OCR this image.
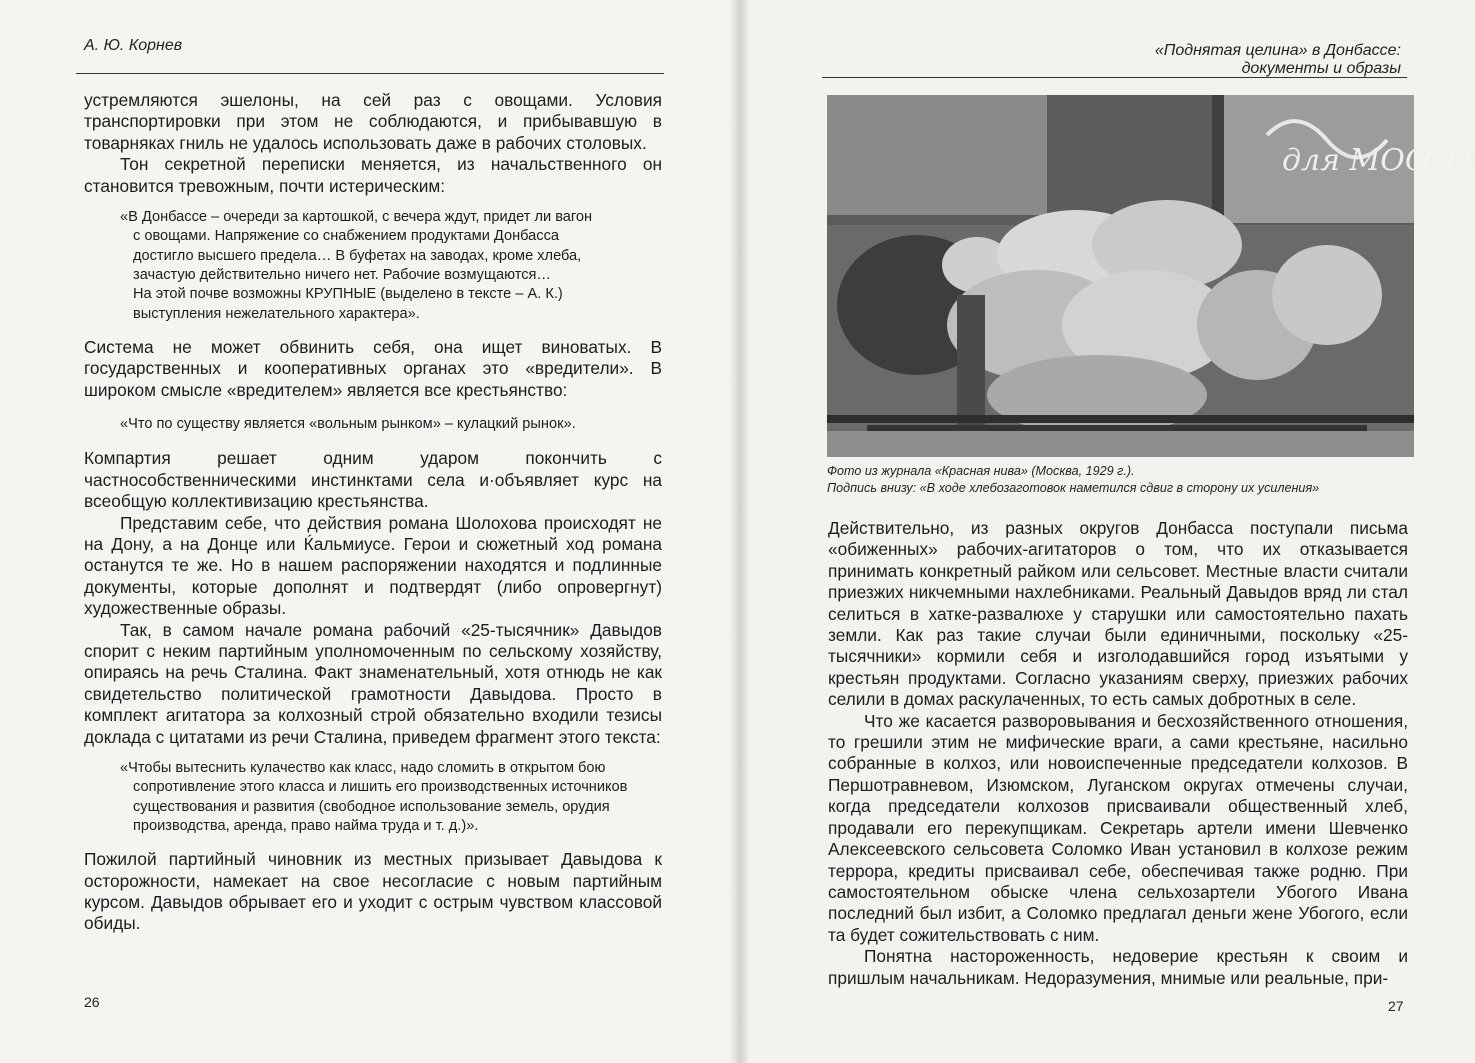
А. Ю. Корнев

устремляются эшелоны, на сей раз с овощами. Условия транспортировки при этом не соблюдаются, и прибывавшую в товарняках гниль не удалось использовать даже в рабочих столовых.

Тон секретной переписки меняется, из начальственного он становится тревожным, почти истерическим:

«В Донбассе – очереди за картошкой, с вечера ждут, придет ли вагон
с овощами. Напряжение со снабжением продуктами Донбасса
достигло высшего предела… В буфетах на заводах, кроме хлеба,
зачастую действительно ничего нет. Рабочие возмущаются…
На этой почве возможны КРУПНЫЕ (выделено в тексте – А. К.)
выступления нежелательного характера».

Система не может обвинить себя, она ищет виноватых. В государственных и кооперативных органах это «вредители». В широком смысле «вредителем» является все крестьянство:

«Что по существу является «вольным рынком» – кулацкий рынок».

Компартия решает одним ударом покончить с частнособственническими инстинктами села и·объявляет курс на всеобщую коллективизацию крестьянства.

Представим себе, что действия романа Шолохова происходят не на Дону, а на Донце или Ќальмиусе. Герои и сюжетный ход романа останутся те же. Но в нашем распоряжении находятся и подлинные документы, которые дополнят и подтвердят (либо опровергнут) художественные образы.

Так, в самом начале романа рабочий «25-тысячник» Давыдов спорит с неким партийным уполномоченным по сельскому хозяйству, опираясь на речь Сталина. Факт знаменательный, хотя отнюдь не как свидетельство политической грамотности Давыдова. Просто в комплект агитатора за колхозный строй обязательно входили тезисы доклада с цитатами из речи Сталина, приведем фрагмент этого текста:

«Чтобы вытеснить кулачество как класс, надо сломить в открытом бою
сопротивление этого класса и лишить его производственных источников существования и развития (свободное использование земель, орудия производства, аренда, право найма труда и т. д.)».

Пожилой партийный чиновник из местных призывает Давыдова к осторожности, намекает на свое несогласие с новым партийным курсом. Давыдов обрывает его и уходит с острым чувством классовой обиды.

26
«Поднятая целина» в Донбассе:
документы и образы
для МОССО
Фото из журнала «Красная нива» (Москва, 1929 г.).
Подпись внизу: «В ходе хлебозаготовок наметился сдвиг в сторону их усиления»

Действительно, из разных округов Донбасса поступали письма «обиженных» рабочих-агитаторов о том, что их отказывается принимать конкретный райком или сельсовет. Местные власти считали приезжих никчемными нахлебниками. Реальный Давыдов вряд ли стал селиться в хатке-развалюхе у старушки или самостоятельно пахать земли. Как раз такие случаи были единичными, поскольку «25-тысячники» кормили себя и изголодавшийся город изъятыми у крестьян продуктами. Согласно указаниям сверху, приезжих рабочих селили в домах раскулаченных, то есть самых добротных в селе.

Что же касается разворовывания и бесхозяйственного отношения, то грешили этим не мифические враги, а сами крестьяне, насильно собранные в колхоз, или новоиспеченные председатели колхозов. В Першотравневом, Изюмском, Луганском округах отмечены случаи, когда председатели колхозов присваивали общественный хлеб, продавали его перекупщикам. Секретарь артели имени Шевченко Алексеевского сельсовета Соломко Иван установил в колхозе режим террора, кредиты присваивал себе, обеспечивая также родню. При самостоятельном обыске члена сельхозартели Убогого Ивана последний был избит, а Соломко предлагал деньги жене Убогого, если та будет сожительствовать с ним.

Понятна настороженность, недоверие крестьян к своим и пришлым начальникам. Недоразумения, мнимые или реальные, при-

27
